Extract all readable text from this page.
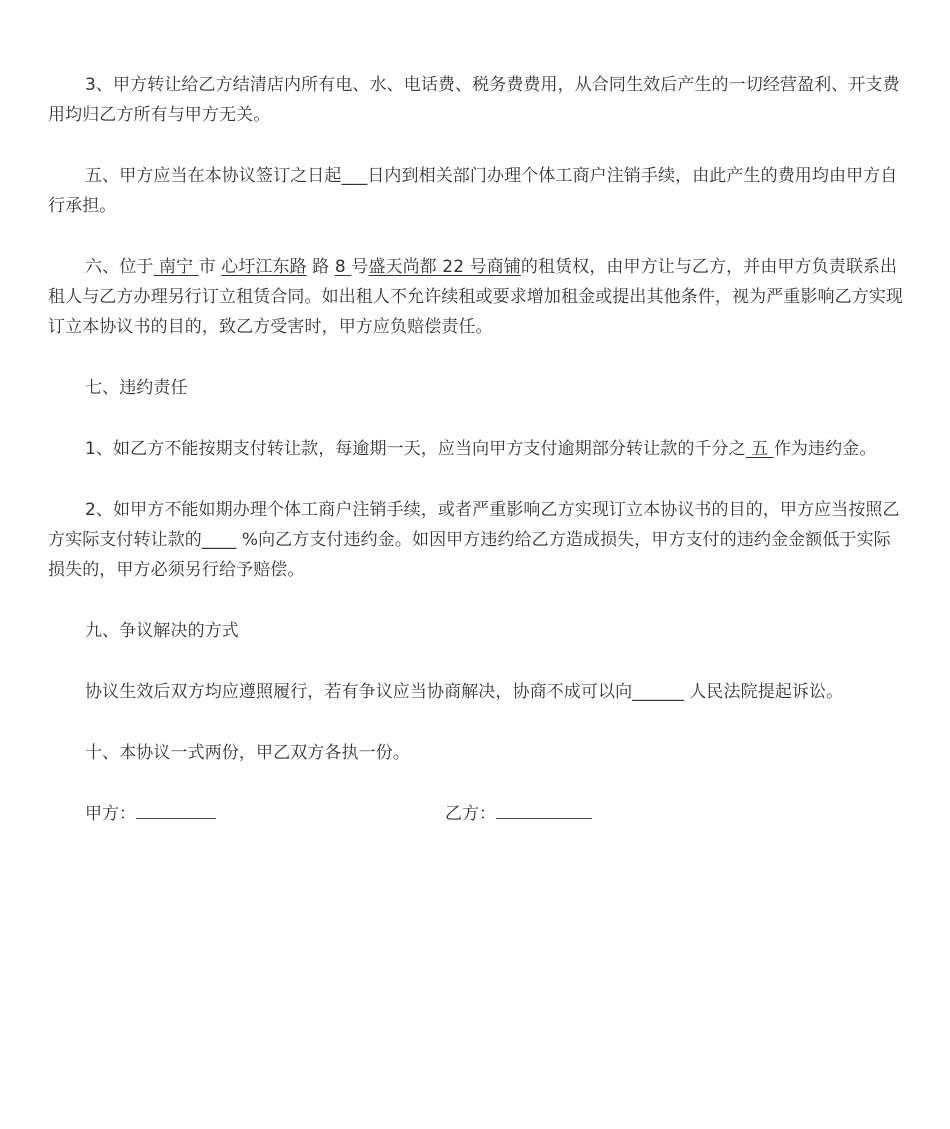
3、甲方转让给乙方结清店内所有电、水、电话费、税务费费用，从合同生效后产生的一切经营盈利、开支费用均归乙方所有与甲方无关。

五、甲方应当在本协议签订之日起___日内到相关部门办理个体工商户注销手续，由此产生的费用均由甲方自行承担。

六、位于 南宁 市 心圩江东路 路 8 号盛天尚都 22 号商铺的租赁权，由甲方让与乙方，并由甲方负责联系出租人与乙方办理另行订立租赁合同。如出租人不允许续租或要求增加租金或提出其他条件，视为严重影响乙方实现订立本协议书的目的，致乙方受害时，甲方应负赔偿责任。

七、违约责任

1、如乙方不能按期支付转让款，每逾期一天，应当向甲方支付逾期部分转让款的千分之 五 作为违约金。

2、如甲方不能如期办理个体工商户注销手续，或者严重影响乙方实现订立本协议书的目的，甲方应当按照乙方实际支付转让款的____ %向乙方支付违约金。如因甲方违约给乙方造成损失，甲方支付的违约金金额低于实际损失的，甲方必须另行给予赔偿。

九、争议解决的方式

协议生效后双方均应遵照履行，若有争议应当协商解决，协商不成可以向______ 人民法院提起诉讼。

十、本协议一式两份，甲乙双方各执一份。

甲方：	乙方：
